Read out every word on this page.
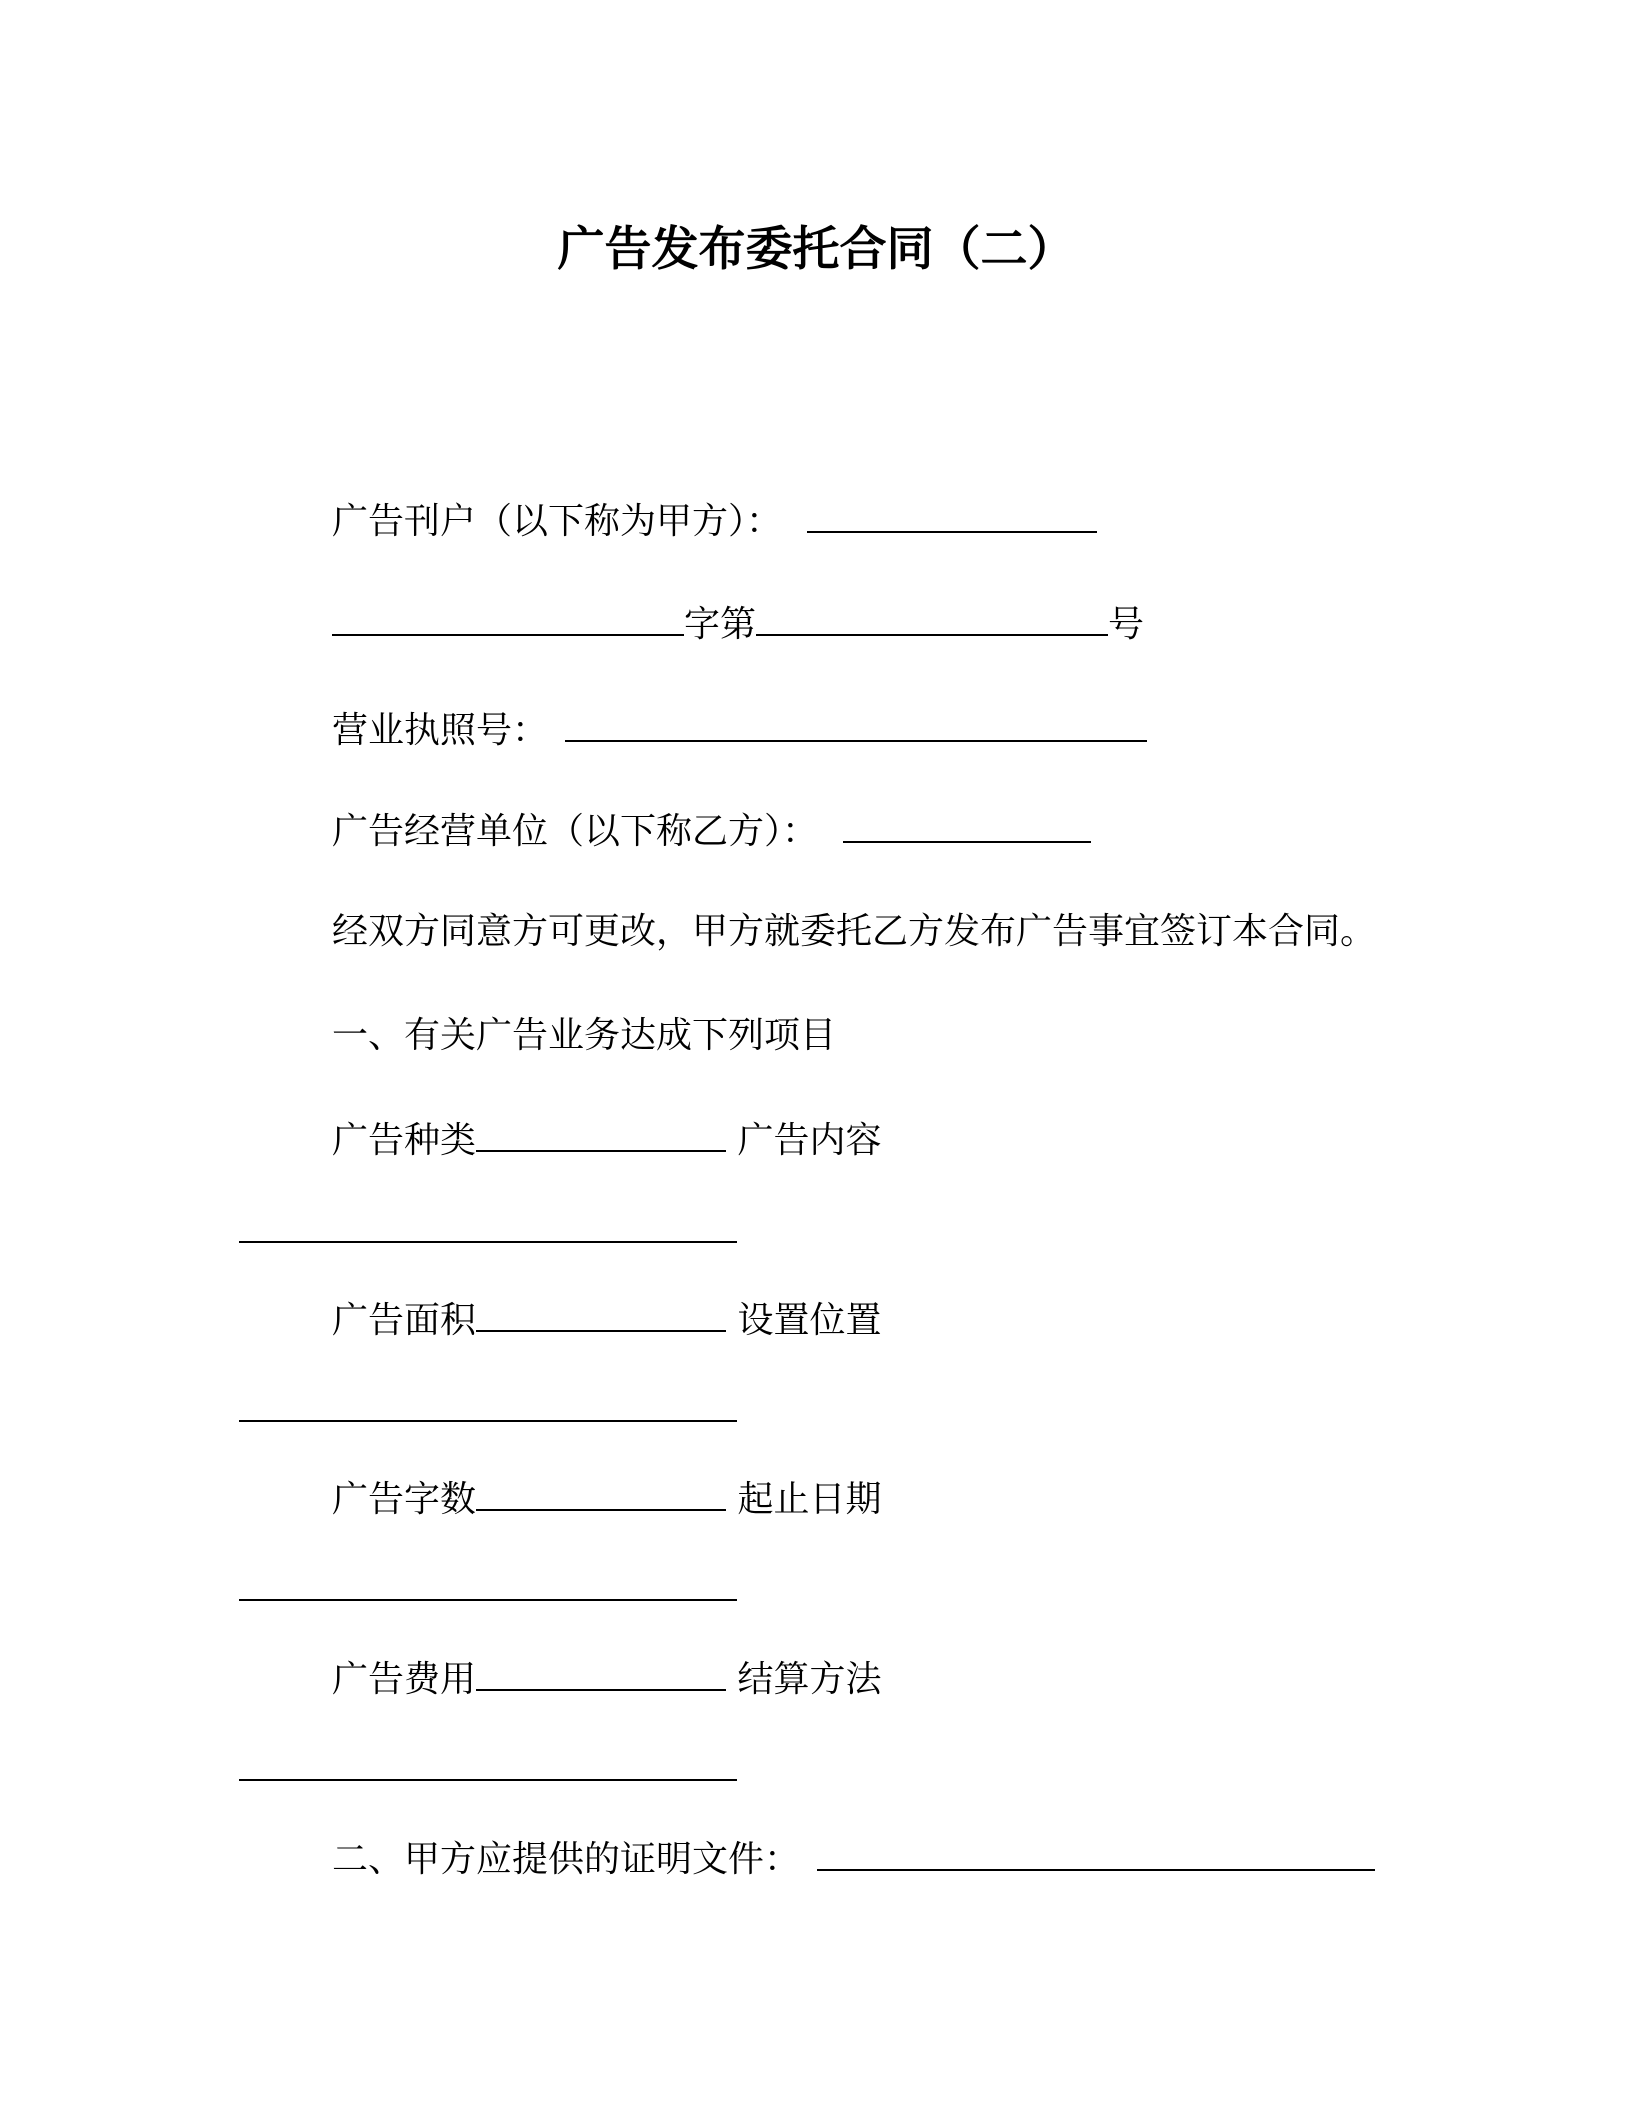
广告发布委托合同（二）
广告刊户（以下称为甲方）：
字第	号
营业执照号：
广告经营单位（以下称乙方）：
经双方同意方可更改，甲方就委托乙方发布广告事宜签订本合同。
一、有关广告业务达成下列项目
广告种类	广告内容
广告面积	设置位置
广告字数	起止日期
广告费用	结算方法
二、甲方应提供的证明文件：
